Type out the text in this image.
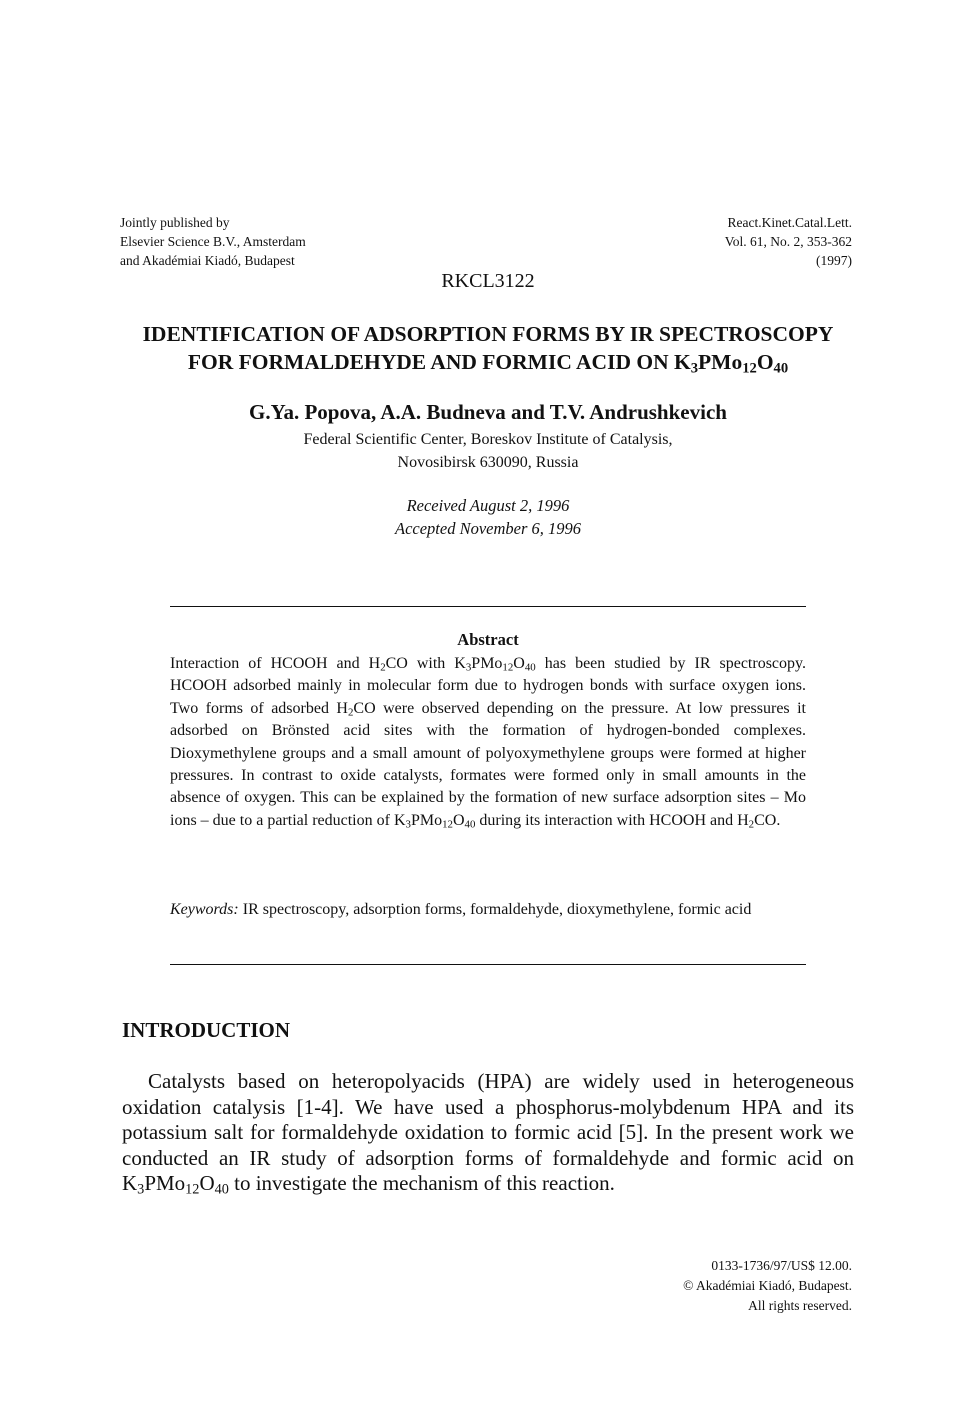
Jointly published by
Elsevier Science B.V., Amsterdam
and Akadémiai Kiadó, Budapest
React.Kinet.Catal.Lett.
Vol. 61, No. 2, 353-362
(1997)
RKCL3122
IDENTIFICATION OF ADSORPTION FORMS BY IR SPECTROSCOPY
FOR FORMALDEHYDE AND FORMIC ACID ON $K_3PMo_{12}O_{40}$
G.Ya. Popova, A.A. Budneva and T.V. Andrushkevich
Federal Scientific Center, Boreskov Institute of Catalysis,
Novosibirsk 630090, Russia
Received August 2, 1996
Accepted November 6, 1996
Abstract

Interaction of HCOOH and $H_2CO$ with $K_3PMo_{12}O_{40}$ has been studied by IR spectroscopy. HCOOH adsorbed mainly in molecular form due to hydrogen bonds with surface oxygen ions. Two forms of adsorbed $H_2CO$ were observed depending on the pressure. At low pressures it adsorbed on Brönsted acid sites with the formation of hydrogen-bonded complexes. Dioxymethylene groups and a small amount of polyoxymethylene groups were formed at higher pressures. In contrast to oxide catalysts, formates were formed only in small amounts in the absence of oxygen. This can be explained by the formation of new surface adsorption sites – Mo ions – due to a partial reduction of $K_3PMo_{12}O_{40}$ during its interaction with HCOOH and $H_2CO$.

Keywords: IR spectroscopy, adsorption forms, formaldehyde, dioxymethylene, formic acid

INTRODUCTION

Catalysts based on heteropolyacids (HPA) are widely used in heterogeneous oxidation catalysis [1-4]. We have used a phosphorus-molybdenum HPA and its potassium salt for formaldehyde oxidation to formic acid [5]. In the present work we conducted an IR study of adsorption forms of formaldehyde and formic acid on $K_3PMo_{12}O_{40}$ to investigate the mechanism of this reaction.

0133-1736/97/US$ 12.00.
© Akadémiai Kiadó, Budapest.
All rights reserved.
